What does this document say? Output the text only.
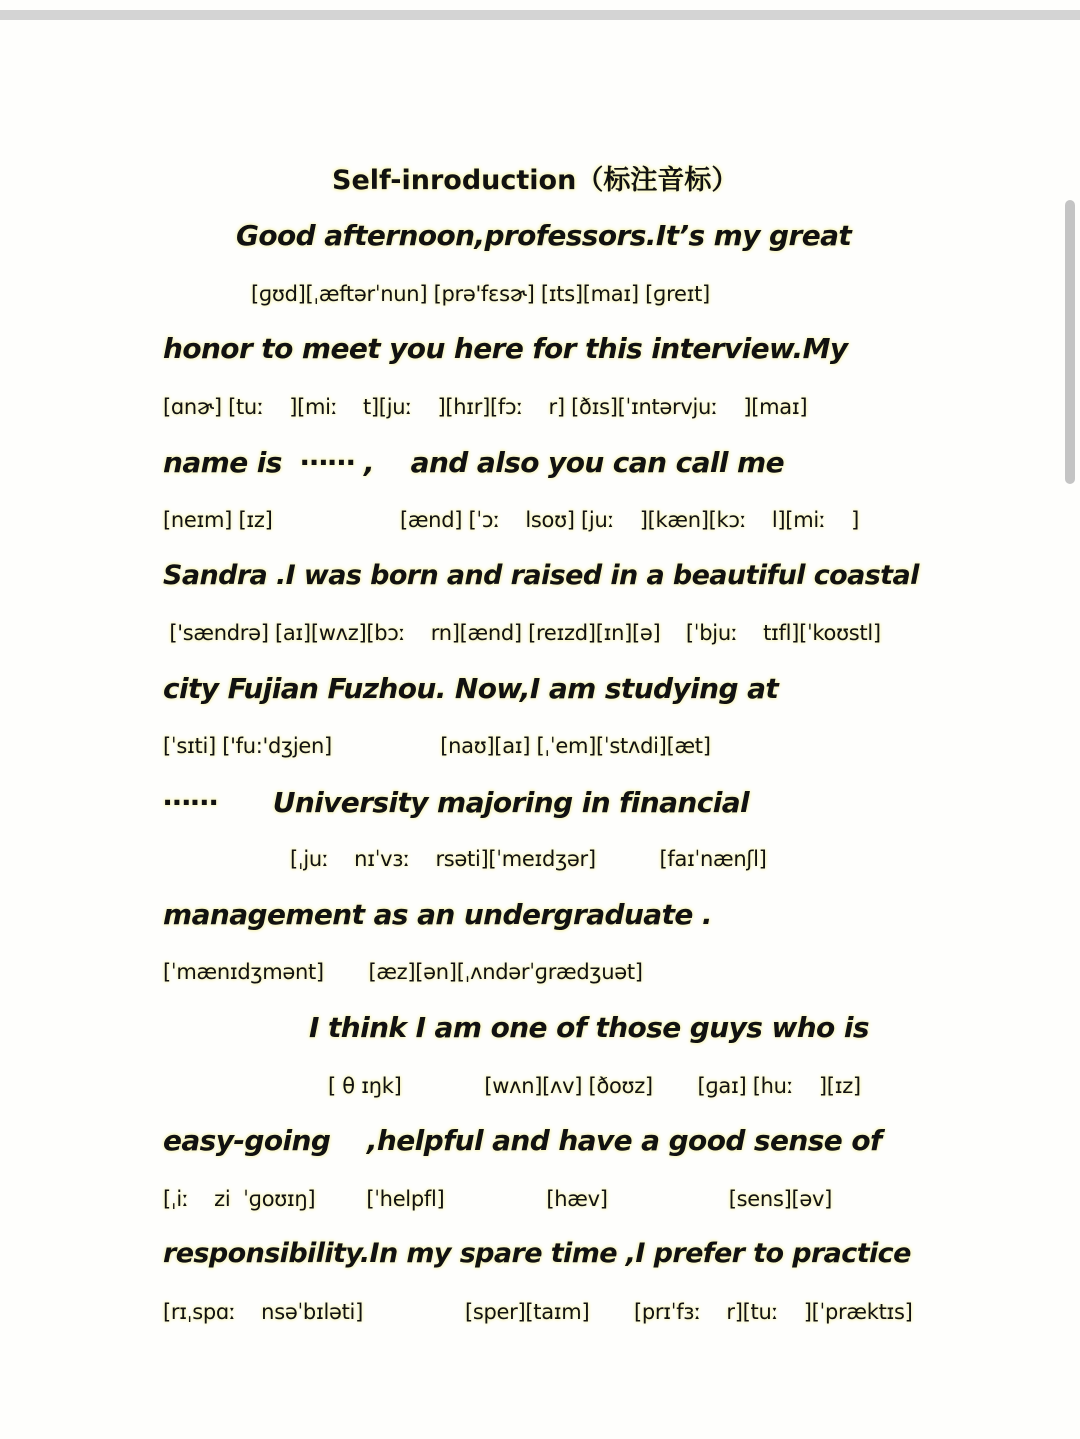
Self-inroduction（标注音标）
Good afternoon,professors.It’s my great
[ɡʊd][ˌæftərˈnun] [prə'fɛsɚ] [ɪts][maɪ] [ɡreɪt]
honor to meet you here for this interview.My
[ɑnɚ] [tuː    ][miː    t][juː    ][hɪr][fɔː    r] [ðɪs][ˈɪntərvjuː    ][maɪ]
name is  ⋯⋯ ,    and also you can call me
[neɪm] [ɪz]                    [ænd] [ˈɔː    lsoʊ] [juː    ][kæn][kɔː    l][miː    ]
Sandra .I was born and raised in a beautiful coastal
['sændrə] [aɪ][wʌz][bɔː    rn][ænd] [reɪzd][ɪn][ə]    [ˈbjuː    tɪfl][ˈkoʊstl]
city Fujian Fuzhou. Now,I am studying at
[ˈsɪti] ['fu:'dʒjen]                 [naʊ][aɪ] [ˌˈem][ˈstʌdi][æt]
⋯⋯      University majoring in financial
[ˌjuː    nɪˈvɜː    rsəti][ˈmeɪdʒər]          [faɪˈnænʃl]
management as an undergraduate .
[ˈmænɪdʒmənt]       [æz][ən][ˌʌndərˈɡrædʒuət]
I think I am one of those guys who is
[ θ ɪŋk]             [wʌn][ʌv] [ðoʊz]       [ɡaɪ] [huː    ][ɪz]
easy-going    ,helpful and have a good sense of
[ˌiː    zi  ˈɡoʊɪŋ]        [ˈhelpfl]                [hæv]                   [sens][əv]
responsibility.In my spare time ,I prefer to practice
[rɪˌspɑː    nsəˈbɪləti]                [sper][taɪm]       [prɪˈfɜː    r][tuː    ][ˈpræktɪs]
